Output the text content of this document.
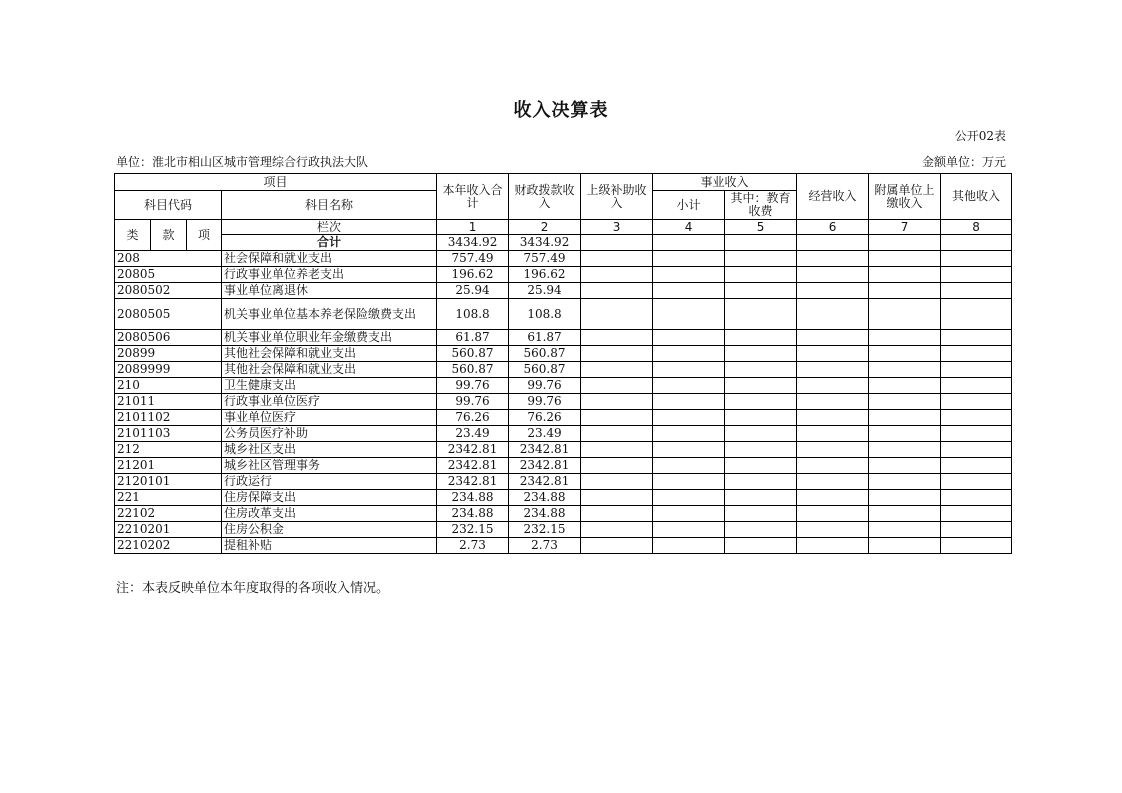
收入决算表
公开02表
单位：淮北市相山区城市管理综合行政执法大队	金额单位：万元
项目				本年收入合计	财政拨款收入	上级补助收入	事业收入		经营收入	附属单位上缴收入	其他收入
科目代码			科目名称				小计	其中：教育收费			
类	款	项	栏次	1	2	3	4	5	6	7	8
			合计	3434.92	3434.92						
208			社会保障和就业支出	757.49	757.49						
20805			行政事业单位养老支出	196.62	196.62						
2080502			事业单位离退休	25.94	25.94						
2080505			机关事业单位基本养老保险缴费支出	108.8	108.8						
2080506			机关事业单位职业年金缴费支出	61.87	61.87						
20899			其他社会保障和就业支出	560.87	560.87						
2089999			其他社会保障和就业支出	560.87	560.87						
210			卫生健康支出	99.76	99.76						
21011			行政事业单位医疗	99.76	99.76						
2101102			事业单位医疗	76.26	76.26						
2101103			公务员医疗补助	23.49	23.49						
212			城乡社区支出	2342.81	2342.81						
21201			城乡社区管理事务	2342.81	2342.81						
2120101			行政运行	2342.81	2342.81						
221			住房保障支出	234.88	234.88						
22102			住房改革支出	234.88	234.88						
2210201			住房公积金	232.15	232.15						
2210202			提租补贴	2.73	2.73						
注：本表反映单位本年度取得的各项收入情况。
